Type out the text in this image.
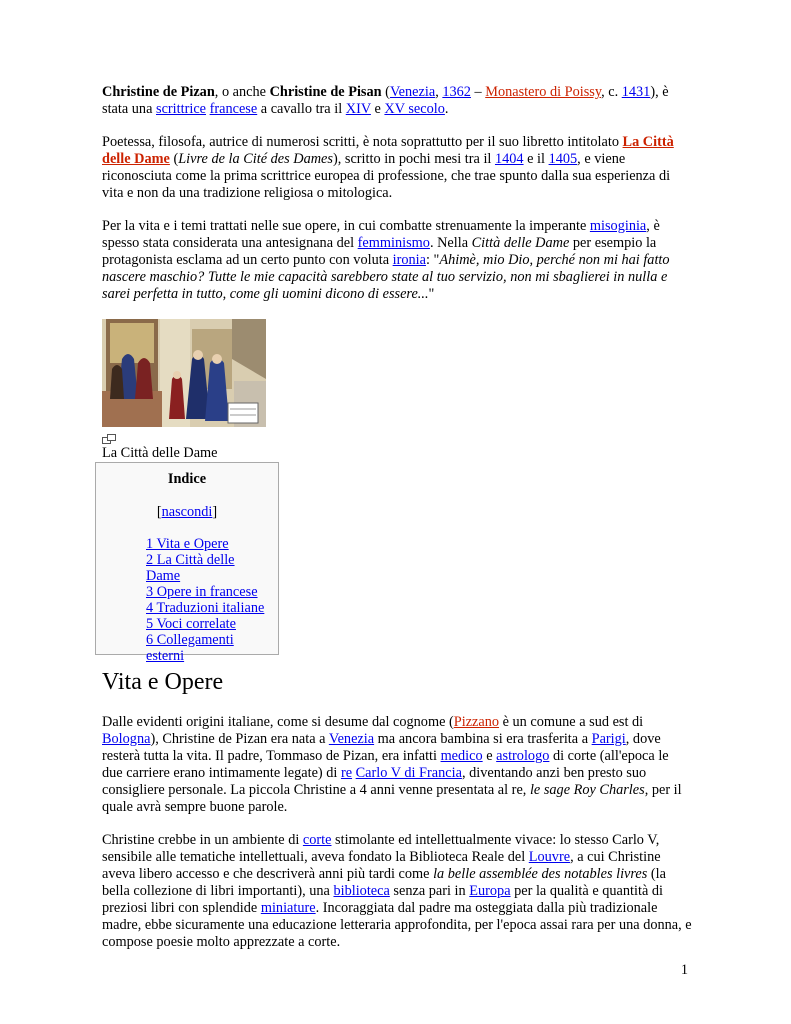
Christine de Pizan, o anche Christine de Pisan (Venezia, 1362 – Monastero di Poissy, c. 1431), è stata una scrittrice francese a cavallo tra il XIV e XV secolo.

Poetessa, filosofa, autrice di numerosi scritti, è nota soprattutto per il suo libretto intitolato La Città delle Dame (Livre de la Cité des Dames), scritto in pochi mesi tra il 1404 e il 1405, e viene riconosciuta come la prima scrittrice europea di professione, che trae spunto dalla sua esperienza di vita e non da una tradizione religiosa o mitologica.

Per la vita e i temi trattati nelle sue opere, in cui combatte strenuamente la imperante misoginia, è spesso stata considerata una antesignana del femminismo. Nella Città delle Dame per esempio la protagonista esclama ad un certo punto con voluta ironia: "Ahimè, mio Dio, perché non mi hai fatto nascere maschio? Tutte le mie capacità sarebbero state al tuo servizio, non mi sbaglierei in nulla e sarei perfetta in tutto, come gli uomini dicono di essere..."

La Città delle Dame
Indice
[nascondi]
1 Vita e Opere
2 La Città delle Dame
3 Opere in francese
4 Traduzioni italiane
5 Voci correlate
6 Collegamenti esterni
Vita e Opere

Dalle evidenti origini italiane, come si desume dal cognome (Pizzano è un comune a sud est di Bologna), Christine de Pizan era nata a Venezia ma ancora bambina si era trasferita a Parigi, dove resterà tutta la vita. Il padre, Tommaso de Pizan, era infatti medico e astrologo di corte (all'epoca le due carriere erano intimamente legate) di re Carlo V di Francia, diventando anzi ben presto suo consigliere personale. La piccola Christine a 4 anni venne presentata al re, le sage Roy Charles, per il quale avrà sempre buone parole.

Christine crebbe in un ambiente di corte stimolante ed intellettualmente vivace: lo stesso Carlo V, sensibile alle tematiche intellettuali, aveva fondato la Biblioteca Reale del Louvre, a cui Christine aveva libero accesso e che descriverà anni più tardi come la belle assemblée des notables livres (la bella collezione di libri importanti), una biblioteca senza pari in Europa per la qualità e quantità di preziosi libri con splendide miniature. Incoraggiata dal padre ma osteggiata dalla più tradizionale madre, ebbe sicuramente una educazione letteraria approfondita, per l'epoca assai rara per una donna, e compose poesie molto apprezzate a corte.

1
